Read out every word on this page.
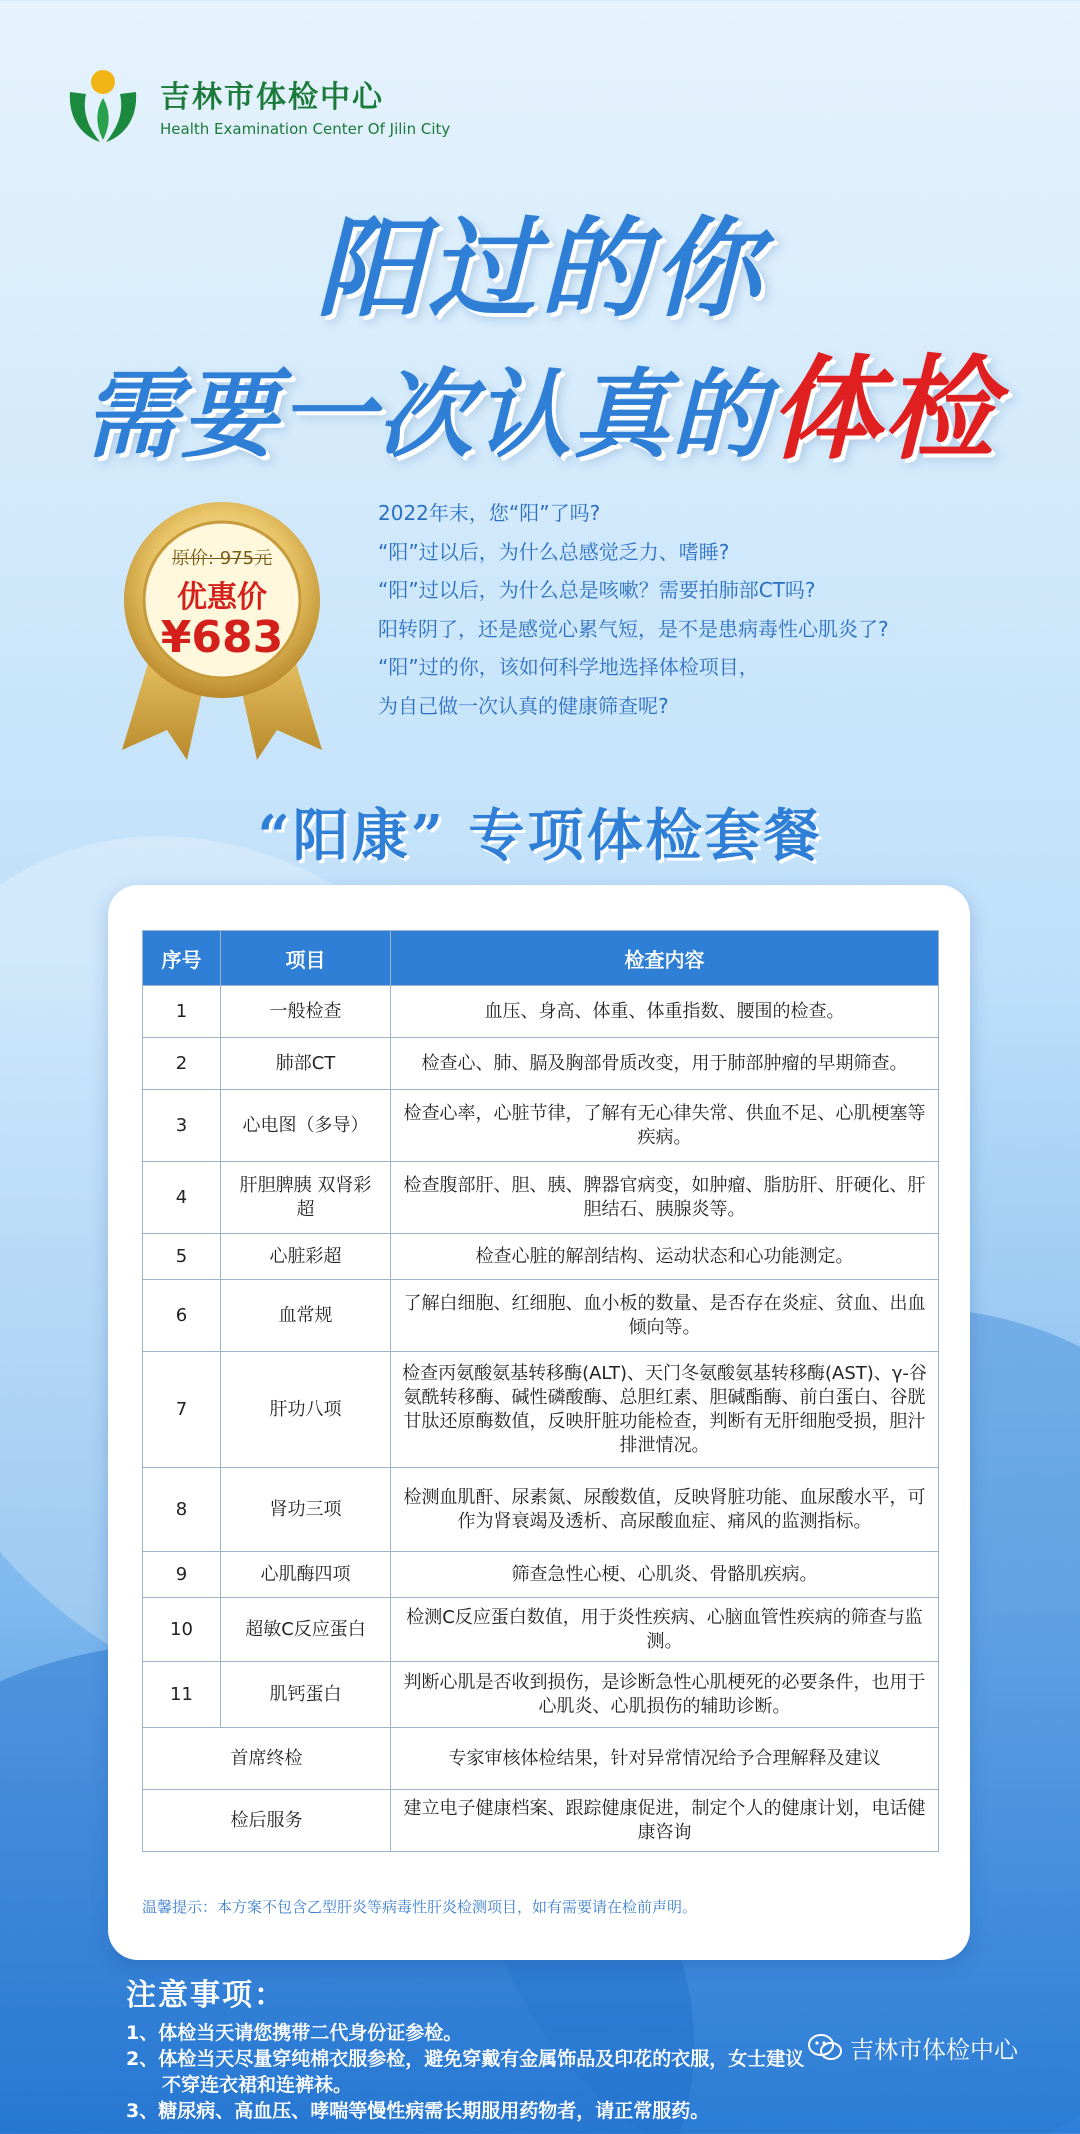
吉林市体检中心
Health Examination Center Of Jilin City
阳过的你
需要一次认真的体检
原价: 975元
优惠价
¥683
2022年末，您“阳”了吗?
“阳”过以后，为什么总感觉乏力、嗜睡?
“阳”过以后，为什么总是咳嗽？需要拍肺部CT吗?
阳转阴了，还是感觉心累气短，是不是患病毒性心肌炎了?
“阳”过的你，该如何科学地选择体检项目，
为自己做一次认真的健康筛查呢?
“阳康” 专项体检套餐
序号	项目	检查内容
1	一般检查	血压、身高、体重、体重指数、腰围的检查。
2	肺部CT	检查心、肺、膈及胸部骨质改变，用于肺部肿瘤的早期筛查。
3	心电图（多导）	检查心率，心脏节律，了解有无心律失常、供血不足、心肌梗塞等疾病。
4	肝胆脾胰 双肾彩超	检查腹部肝、胆、胰、脾器官病变，如肿瘤、脂肪肝、肝硬化、肝胆结石、胰腺炎等。
5	心脏彩超	检查心脏的解剖结构、运动状态和心功能测定。
6	血常规	了解白细胞、红细胞、血小板的数量、是否存在炎症、贫血、出血倾向等。
7	肝功八项	检查丙氨酸氨基转移酶(ALT)、天门冬氨酸氨基转移酶(AST)、γ-谷氨酰转移酶、碱性磷酸酶、总胆红素、胆碱酯酶、前白蛋白、谷胱甘肽还原酶数值，反映肝脏功能检查，判断有无肝细胞受损，胆汁排泄情况。
8	肾功三项	检测血肌酐、尿素氮、尿酸数值，反映肾脏功能、血尿酸水平，可作为肾衰竭及透析、高尿酸血症、痛风的监测指标。
9	心肌酶四项	筛查急性心梗、心肌炎、骨骼肌疾病。
10	超敏C反应蛋白	检测C反应蛋白数值，用于炎性疾病、心脑血管性疾病的筛查与监测。
11	肌钙蛋白	判断心肌是否收到损伤，是诊断急性心肌梗死的必要条件，也用于心肌炎、心肌损伤的辅助诊断。
首席终检		专家审核体检结果，针对异常情况给予合理解释及建议
检后服务		建立电子健康档案、跟踪健康促进，制定个人的健康计划，电话健康咨询
温馨提示：本方案不包含乙型肝炎等病毒性肝炎检测项目，如有需要请在检前声明。
注意事项：
1、体检当天请您携带二代身份证参检。
2、体检当天尽量穿纯棉衣服参检，避免穿戴有金属饰品及印花的衣服，女士建议
不穿连衣裙和连裤袜。
3、糖尿病、高血压、哮喘等慢性病需长期服用药物者，请正常服药。
吉林市体检中心
